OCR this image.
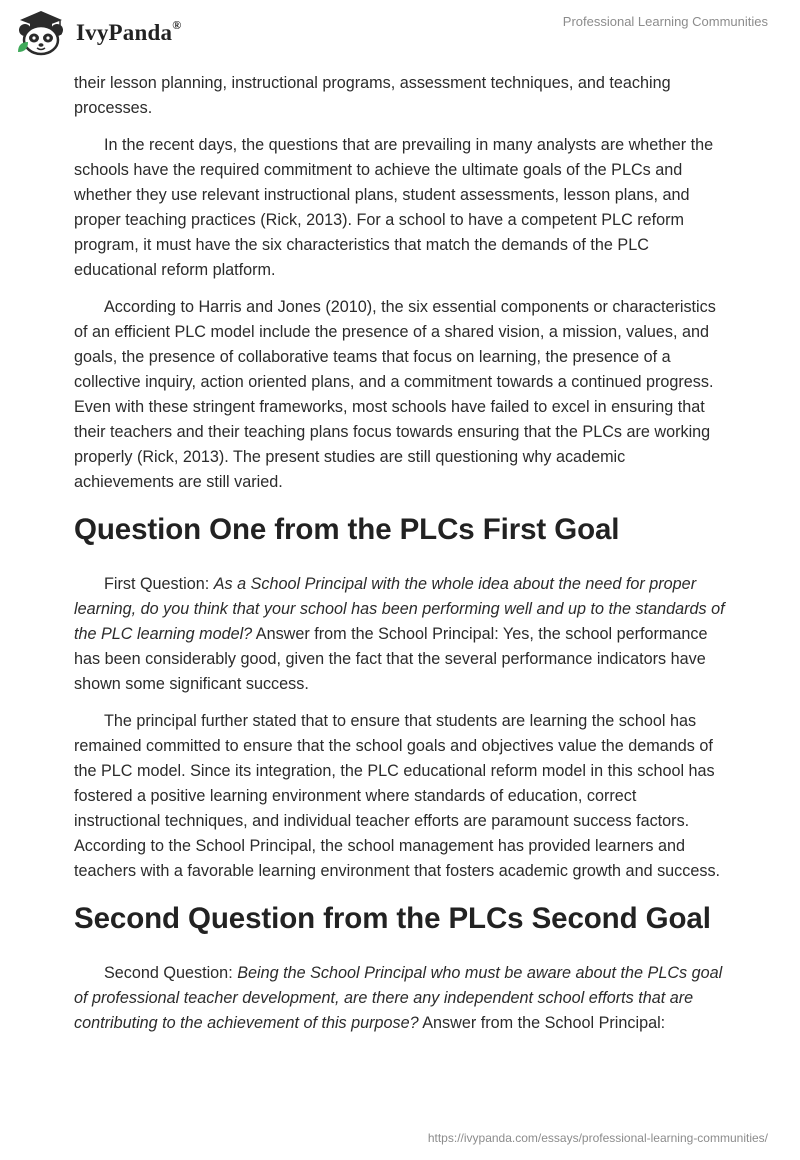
IvyPanda®	Professional Learning Communities

their lesson planning, instructional programs, assessment techniques, and teaching processes.

In the recent days, the questions that are prevailing in many analysts are whether the schools have the required commitment to achieve the ultimate goals of the PLCs and whether they use relevant instructional plans, student assessments, lesson plans, and proper teaching practices (Rick, 2013). For a school to have a competent PLC reform program, it must have the six characteristics that match the demands of the PLC educational reform platform.

According to Harris and Jones (2010), the six essential components or characteristics of an efficient PLC model include the presence of a shared vision, a mission, values, and goals, the presence of collaborative teams that focus on learning, the presence of a collective inquiry, action oriented plans, and a commitment towards a continued progress. Even with these stringent frameworks, most schools have failed to excel in ensuring that their teachers and their teaching plans focus towards ensuring that the PLCs are working properly (Rick, 2013). The present studies are still questioning why academic achievements are still varied.

Question One from the PLCs First Goal

First Question: As a School Principal with the whole idea about the need for proper learning, do you think that your school has been performing well and up to the standards of the PLC learning model? Answer from the School Principal: Yes, the school performance has been considerably good, given the fact that the several performance indicators have shown some significant success.

The principal further stated that to ensure that students are learning the school has remained committed to ensure that the school goals and objectives value the demands of the PLC model. Since its integration, the PLC educational reform model in this school has fostered a positive learning environment where standards of education, correct instructional techniques, and individual teacher efforts are paramount success factors. According to the School Principal, the school management has provided learners and teachers with a favorable learning environment that fosters academic growth and success.

Second Question from the PLCs Second Goal

Second Question: Being the School Principal who must be aware about the PLCs goal of professional teacher development, are there any independent school efforts that are contributing to the achievement of this purpose? Answer from the School Principal:

https://ivypanda.com/essays/professional-learning-communities/
